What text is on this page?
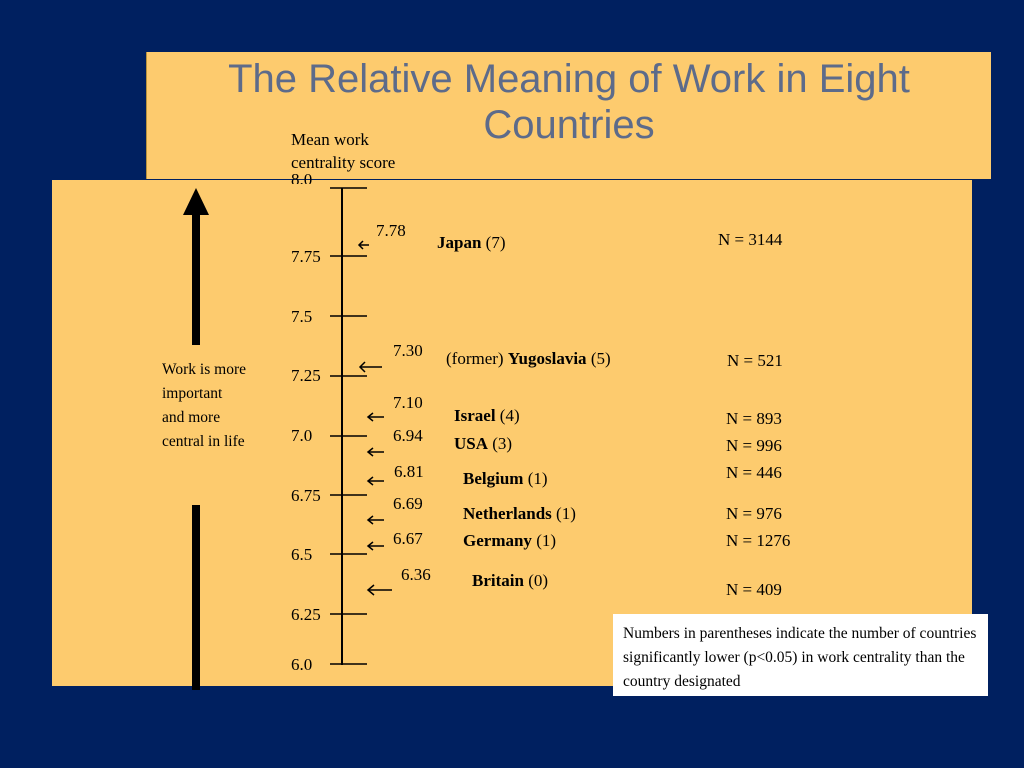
The Relative Meaning of Work in Eight Countries
Mean work
centrality score
8.0
7.75
7.5
7.25
7.0
6.75
6.5
6.25
6.0
7.78
7.30
7.10
6.94
6.81
6.69
6.67
6.36
Japan (7)
(former) Yugoslavia (5)
Israel (4)
USA (3)
Belgium (1)
Netherlands (1)
Germany (1)
Britain (0)
N = 3144
N = 521
N = 893
N = 996
N = 446
N = 976
N = 1276
N = 409
Work is more important and more central in life
Numbers in parentheses indicate the number of countries significantly lower (p<0.05) in work centrality than the country designated
